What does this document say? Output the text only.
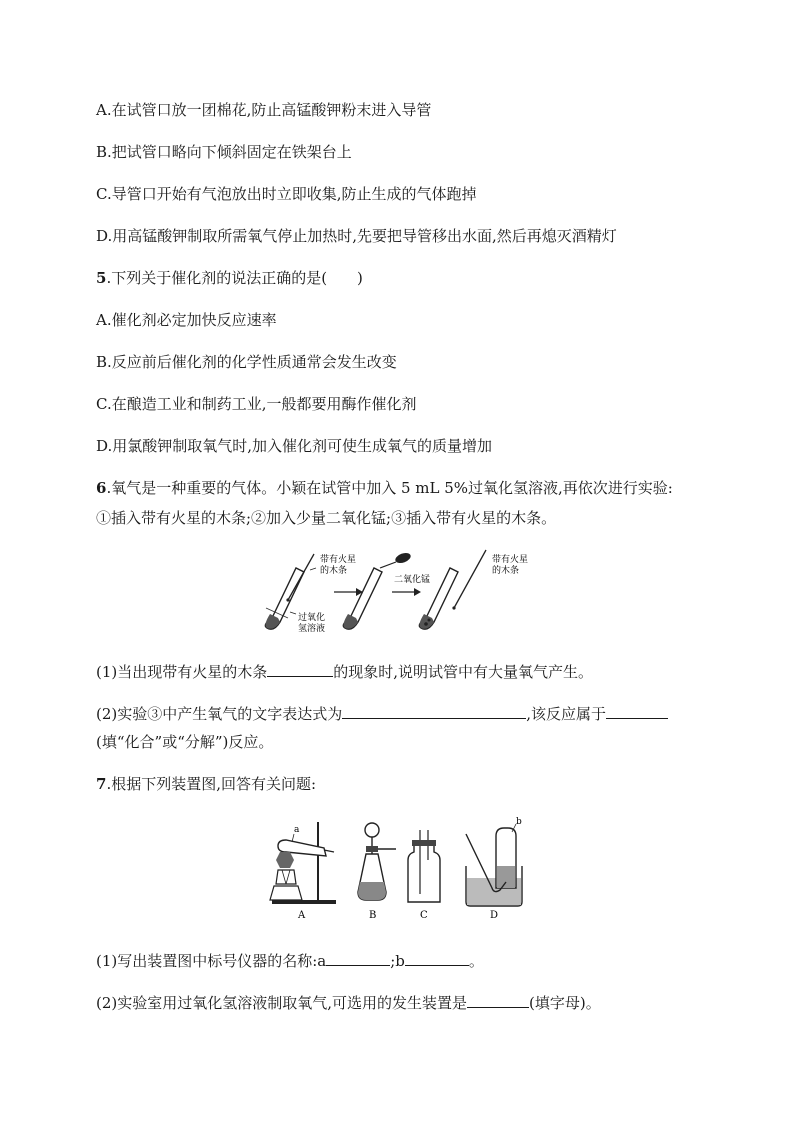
A.在试管口放一团棉花,防止高锰酸钾粉末进入导管
B.把试管口略向下倾斜固定在铁架台上
C.导管口开始有气泡放出时立即收集,防止生成的气体跑掉
D.用高锰酸钾制取所需氧气停止加热时,先要把导管移出水面,然后再熄灭酒精灯
5.下列关于催化剂的说法正确的是(　　)
A.催化剂必定加快反应速率
B.反应前后催化剂的化学性质通常会发生改变
C.在酿造工业和制药工业,一般都要用酶作催化剂
D.用氯酸钾制取氧气时,加入催化剂可使生成氧气的质量增加
6.氧气是一种重要的气体。小颖在试管中加入 5 mL 5%过氧化氢溶液,再依次进行实验:
①插入带有火星的木条;②加入少量二氧化锰;③插入带有火星的木条。
带有火星
的木条
过氧化
氢溶液
二氧化锰
带有火星
的木条
(1)当出现带有火星的木条	的现象时,说明试管中有大量氧气产生。
(2)实验③中产生氧气的文字表达式为	,该反应属于
(填“化合”或“分解”)反应。
7.根据下列装置图,回答有关问题:
a
A	B	C
b
D
(1)写出装置图中标号仪器的名称:a	;b	。
(2)实验室用过氧化氢溶液制取氧气,可选用的发生装置是	(填字母)。
